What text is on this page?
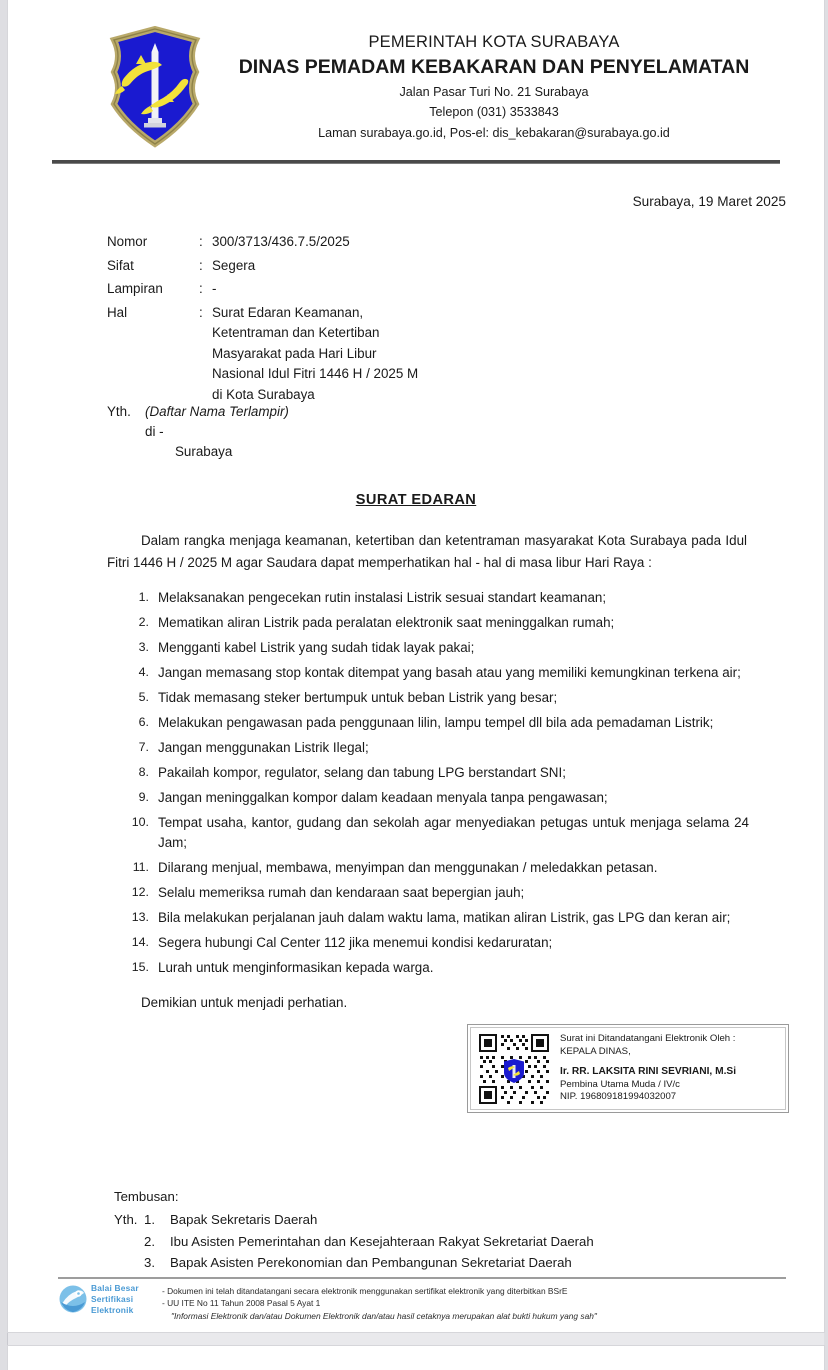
PEMERINTAH KOTA SURABAYA
DINAS PEMADAM KEBAKARAN DAN PENYELAMATAN
Jalan Pasar Turi No. 21 Surabaya
Telepon (031) 3533843
Laman surabaya.go.id, Pos-el: dis_kebakaran@surabaya.go.id
Surabaya, 19 Maret 2025
Nomor	: 300/3713/436.7.5/2025
Sifat	: Segera
Lampiran	: -
Hal	: Surat Edaran Keamanan,
Ketentraman dan Ketertiban
Masyarakat pada Hari Libur
Nasional Idul Fitri 1446 H / 2025 M
di Kota Surabaya
Yth.	(Daftar Nama Terlampir)
di -
Surabaya
SURAT EDARAN
Dalam rangka menjaga keamanan, ketertiban dan ketentraman masyarakat Kota Surabaya pada Idul Fitri 1446 H / 2025 M agar Saudara dapat memperhatikan hal - hal di masa libur Hari Raya :
1. Melaksanakan pengecekan rutin instalasi Listrik sesuai standart keamanan;
2. Mematikan aliran Listrik pada peralatan elektronik saat meninggalkan rumah;
3. Mengganti kabel Listrik yang sudah tidak layak pakai;
4. Jangan memasang stop kontak ditempat yang basah atau yang memiliki kemungkinan terkena air;
5. Tidak memasang steker bertumpuk untuk beban Listrik yang besar;
6. Melakukan pengawasan pada penggunaan lilin, lampu tempel dll bila ada pemadaman Listrik;
7. Jangan menggunakan Listrik Ilegal;
8. Pakailah kompor, regulator, selang dan tabung LPG berstandart SNI;
9. Jangan meninggalkan kompor dalam keadaan menyala tanpa pengawasan;
10. Tempat usaha, kantor, gudang dan sekolah agar menyediakan petugas untuk menjaga selama 24 Jam;
11. Dilarang menjual, membawa, menyimpan dan menggunakan / meledakkan petasan.
12. Selalu memeriksa rumah dan kendaraan saat bepergian jauh;
13. Bila melakukan perjalanan jauh dalam waktu lama, matikan aliran Listrik, gas LPG dan keran air;
14. Segera hubungi Cal Center 112 jika menemui kondisi kedaruratan;
15. Lurah untuk menginformasikan kepada warga.
Demikian untuk menjadi perhatian.
Surat ini Ditandatangani Elektronik Oleh :
KEPALA DINAS,
Ir. RR. LAKSITA RINI SEVRIANI, M.Si
Pembina Utama Muda / IV/c
NIP. 196809181994032007
Tembusan:
Yth. 1.	Bapak Sekretaris Daerah
2.	Ibu Asisten Pemerintahan dan Kesejahteraan Rakyat Sekretariat Daerah
3.	Bapak Asisten Perekonomian dan Pembangunan Sekretariat Daerah
Balai Besar
Sertifikasi
Elektronik
- Dokumen ini telah ditandatangani secara elektronik menggunakan sertifikat elektronik yang diterbitkan BSrE
- UU ITE No 11 Tahun 2008 Pasal 5 Ayat 1
"Informasi Elektronik dan/atau Dokumen Elektronik dan/atau hasil cetaknya merupakan alat bukti hukum yang sah"
